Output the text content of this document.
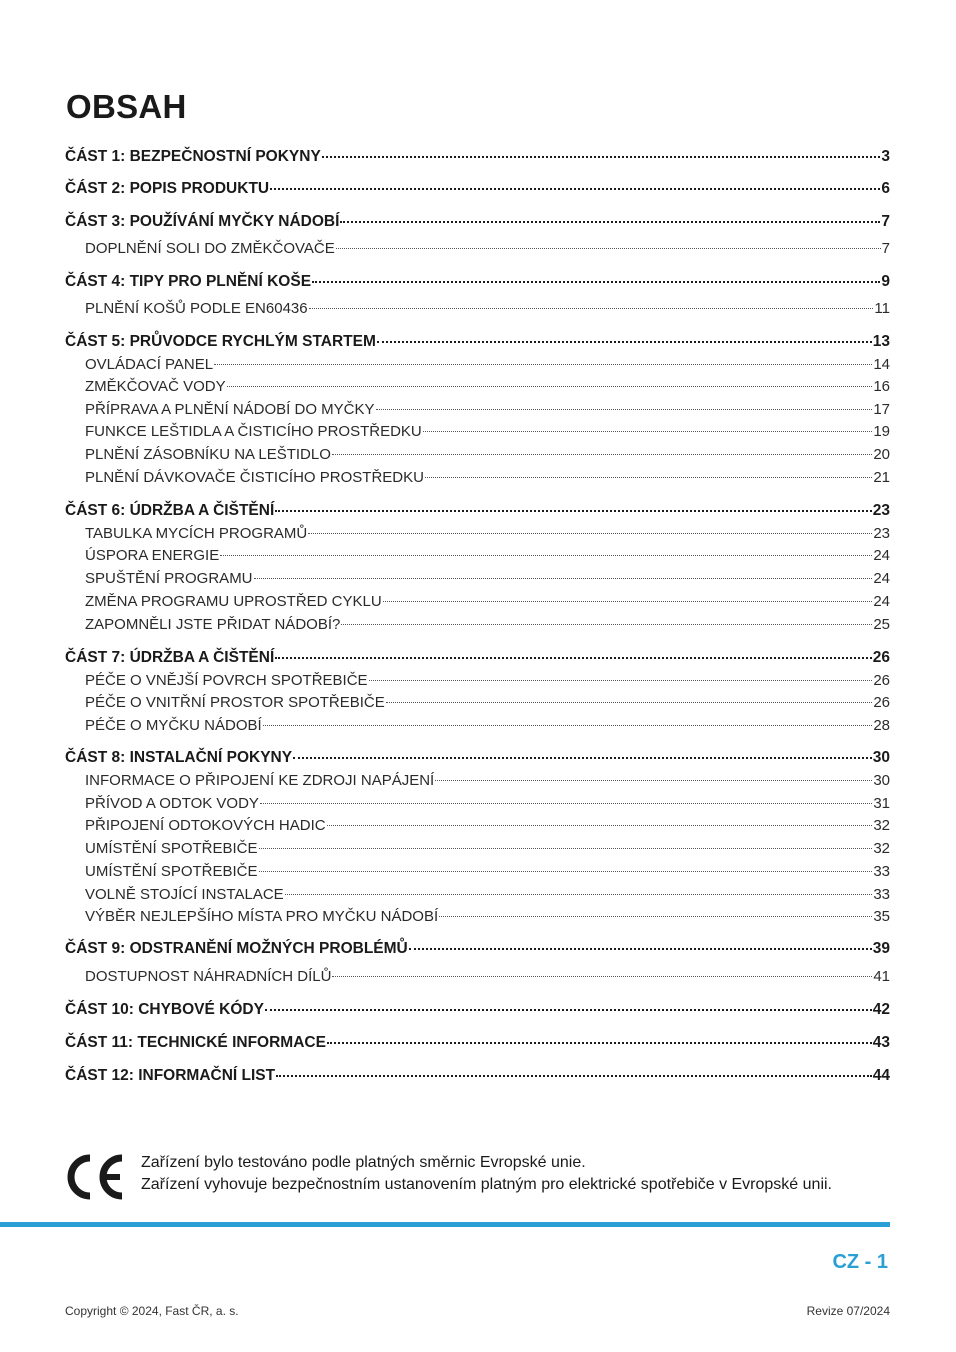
OBSAH
ČÁST 1: BEZPEČNOSTNÍ POKYNY	3
ČÁST 2: POPIS PRODUKTU	6
ČÁST 3: POUŽÍVÁNÍ MYČKY NÁDOBÍ	7
DOPLNĚNÍ SOLI DO ZMĚKČOVAČE	7
ČÁST 4: TIPY PRO PLNĚNÍ KOŠE	9
PLNĚNÍ KOŠŮ PODLE EN60436	11
ČÁST 5: PRŮVODCE RYCHLÝM STARTEM	13
OVLÁDACÍ PANEL	14
ZMĚKČOVAČ VODY	16
PŘÍPRAVA A PLNĚNÍ NÁDOBÍ DO MYČKY	17
FUNKCE LEŠTIDLA A ČISTICÍHO PROSTŘEDKU	19
PLNĚNÍ ZÁSOBNÍKU NA LEŠTIDLO	20
PLNĚNÍ DÁVKOVAČE ČISTICÍHO PROSTŘEDKU	21
ČÁST 6: ÚDRŽBA A ČIŠTĚNÍ	23
TABULKA MYCÍCH PROGRAMŮ	23
ÚSPORA ENERGIE	24
SPUŠTĚNÍ PROGRAMU	24
ZMĚNA PROGRAMU UPROSTŘED CYKLU	24
ZAPOMNĚLI JSTE PŘIDAT NÁDOBÍ?	25
ČÁST 7: ÚDRŽBA A ČIŠTĚNÍ	26
PÉČE O VNĚJŠÍ POVRCH SPOTŘEBIČE	26
PÉČE O VNITŘNÍ PROSTOR SPOTŘEBIČE	26
PÉČE O MYČKU NÁDOBÍ	28
ČÁST 8: INSTALAČNÍ POKYNY	30
INFORMACE O PŘIPOJENÍ KE ZDROJI NAPÁJENÍ	30
PŘÍVOD A ODTOK VODY	31
PŘIPOJENÍ ODTOKOVÝCH HADIC	32
UMÍSTĚNÍ SPOTŘEBIČE	32
UMÍSTĚNÍ SPOTŘEBIČE	33
VOLNĚ STOJÍCÍ INSTALACE	33
VÝBĚR NEJLEPŠÍHO MÍSTA PRO MYČKU NÁDOBÍ	35
ČÁST 9: ODSTRANĚNÍ MOŽNÝCH PROBLÉMŮ	39
DOSTUPNOST NÁHRADNÍCH DÍLŮ	41
ČÁST 10: CHYBOVÉ KÓDY	42
ČÁST 11: TECHNICKÉ INFORMACE	43
ČÁST 12: INFORMAČNÍ LIST	44
Zařízení bylo testováno podle platných směrnic Evropské unie.
Zařízení vyhovuje bezpečnostním ustanovením platným pro elektrické spotřebiče v Evropské unii.
CZ - 1
Copyright © 2024, Fast ČR, a. s.	Revize 07/2024
